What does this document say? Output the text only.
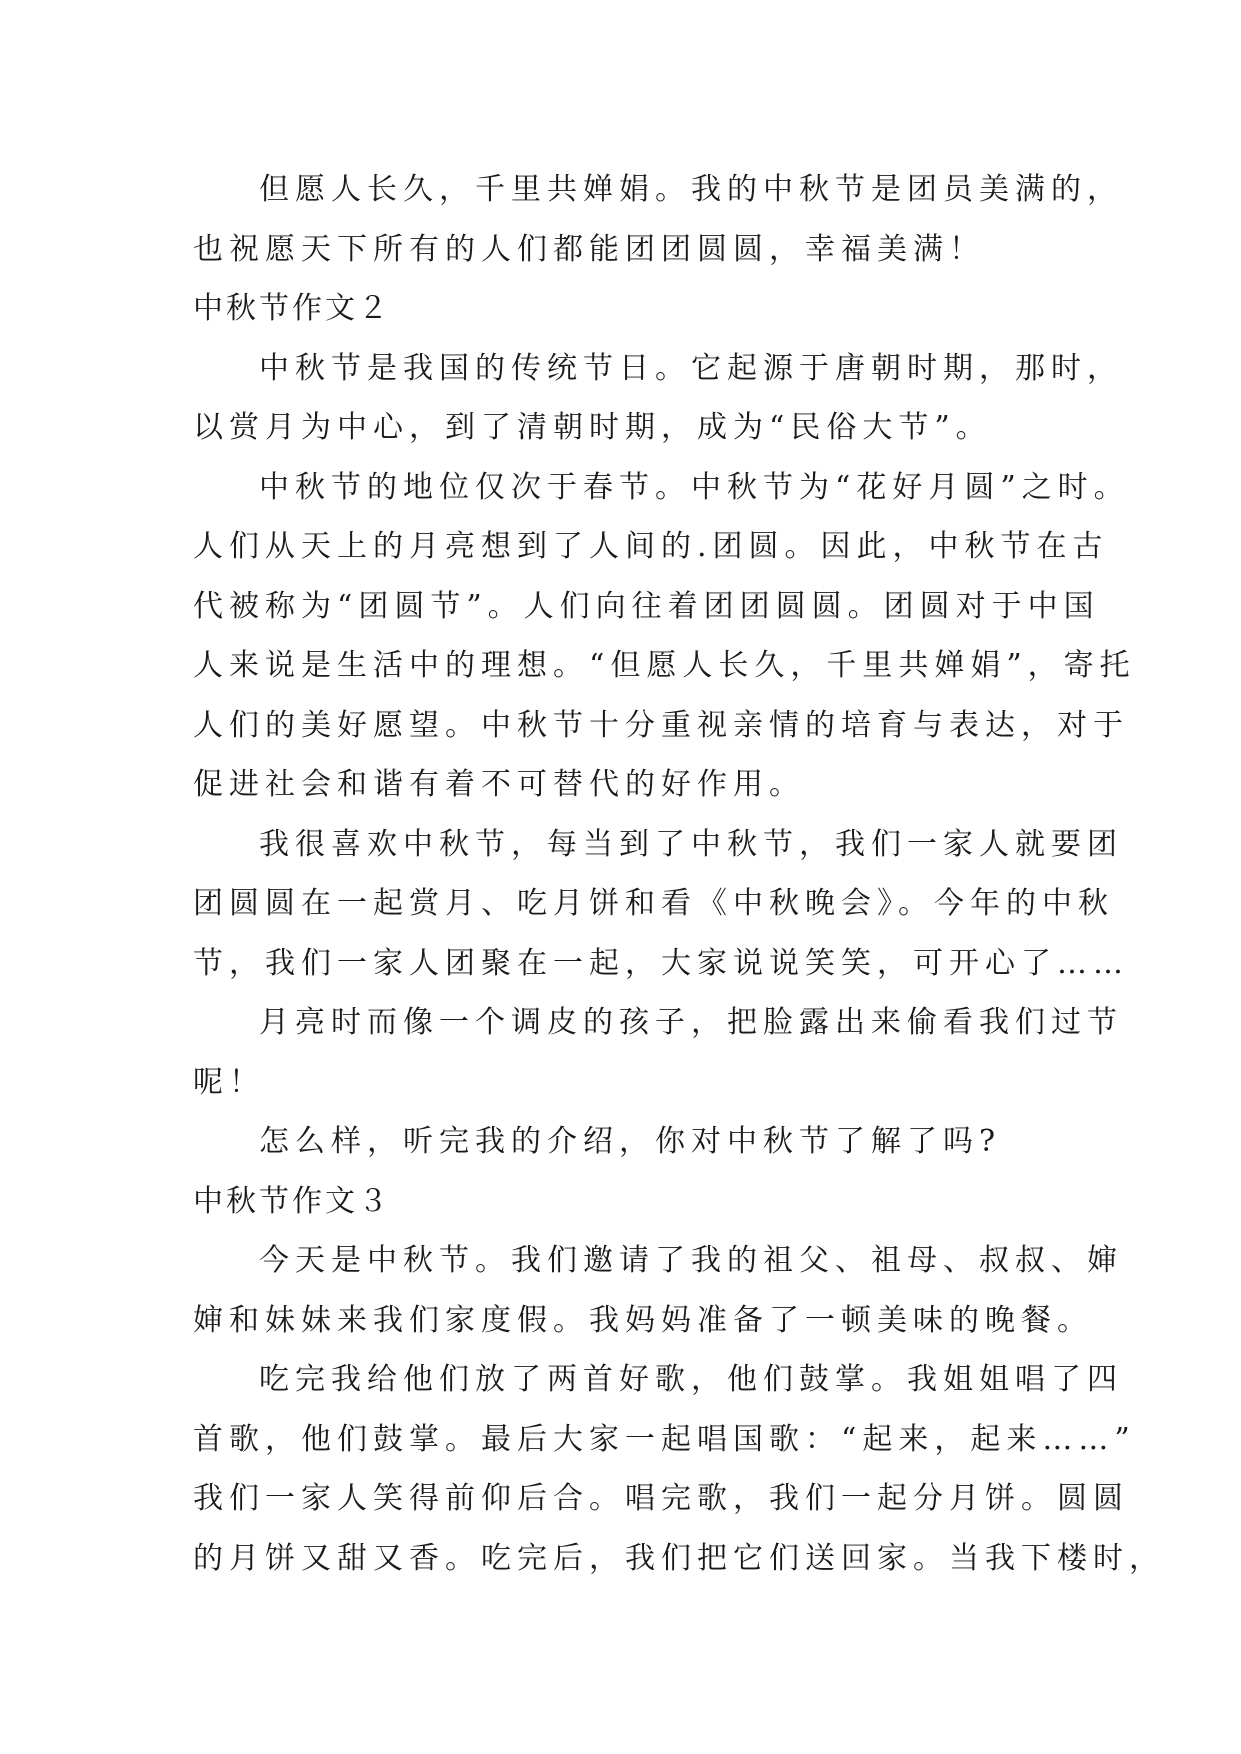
但愿人长久，千里共婵娟。我的中秋节是团员美满的，
也祝愿天下所有的人们都能团团圆圆，幸福美满！
中秋节作文２
中秋节是我国的传统节日。它起源于唐朝时期，那时，
以赏月为中心，到了清朝时期，成为“民俗大节”。
中秋节的地位仅次于春节。中秋节为“花好月圆”之时。
人们从天上的月亮想到了人间的.团圆。因此，中秋节在古
代被称为“团圆节”。人们向往着团团圆圆。团圆对于中国
人来说是生活中的理想。“但愿人长久，千里共婵娟”，寄托
人们的美好愿望。中秋节十分重视亲情的培育与表达，对于
促进社会和谐有着不可替代的好作用。
我很喜欢中秋节，每当到了中秋节，我们一家人就要团
团圆圆在一起赏月、吃月饼和看《中秋晚会》。今年的中秋
节，我们一家人团聚在一起，大家说说笑笑，可开心了……
月亮时而像一个调皮的孩子，把脸露出来偷看我们过节
呢！
怎么样，听完我的介绍，你对中秋节了解了吗?
中秋节作文３
今天是中秋节。我们邀请了我的祖父、祖母、叔叔、婶
婶和妹妹来我们家度假。我妈妈准备了一顿美味的晚餐。
吃完我给他们放了两首好歌，他们鼓掌。我姐姐唱了四
首歌，他们鼓掌。最后大家一起唱国歌：“起来，起来……”
我们一家人笑得前仰后合。唱完歌，我们一起分月饼。圆圆
的月饼又甜又香。吃完后，我们把它们送回家。当我下楼时，
